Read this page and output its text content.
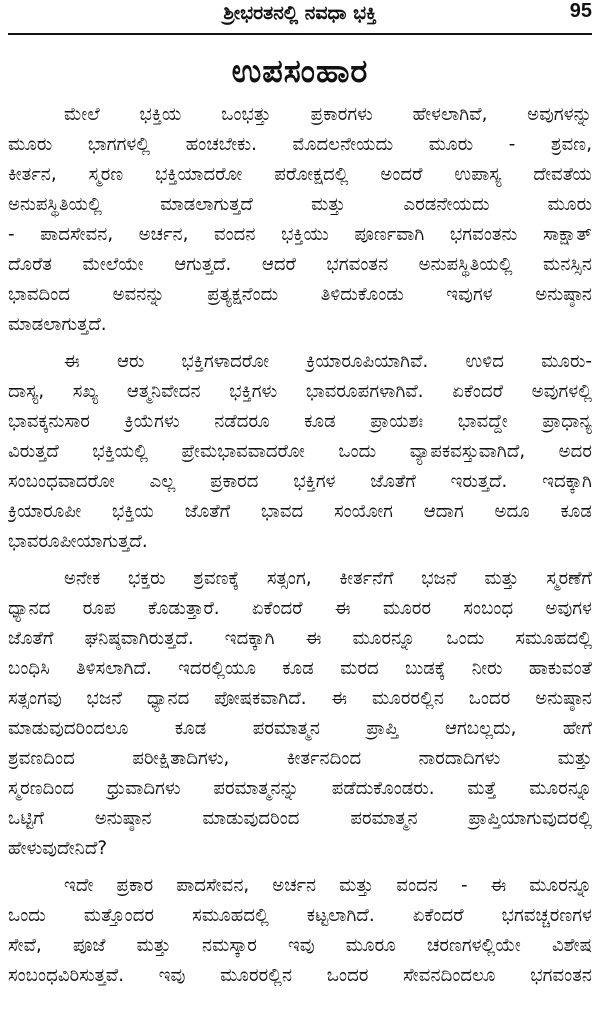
ಶ್ರೀಭರತನಲ್ಲಿ ನವಧಾ ಭಕ್ತಿ	95
ಉಪಸಂಹಾರ
ಮೇಲೆ ಭಕ್ತಿಯ ಒಂಭತ್ತು ಪ್ರಕಾರಗಳು ಹೇಳಲಾಗಿವೆ, ಅವುಗಳನ್ನು
ಮೂರು ಭಾಗಗಳಲ್ಲಿ ಹಂಚಬೇಕು. ಮೊದಲನೇಯದು ಮೂರು - ಶ್ರವಣ,
ಕೀರ್ತನ, ಸ್ಮರಣ ಭಕ್ತಿಯಾದರೋ ಪರೋಕ್ಷದಲ್ಲಿ ಅಂದರೆ ಉಪಾಸ್ಯ ದೇವತೆಯ
ಅನುಪಸ್ಥಿತಿಯಲ್ಲಿ ಮಾಡಲಾಗುತ್ತದೆ ಮತ್ತು ಎರಡನೇಯದು ಮೂರು
- ಪಾದಸೇವನ, ಅರ್ಚನ, ವಂದನ ಭಕ್ತಿಯು ಪೂರ್ಣವಾಗಿ ಭಗವಂತನು ಸಾಕ್ಷಾತ್
ದೊರೆತ ಮೇಲೆಯೇ ಆಗುತ್ತದೆ. ಆದರೆ ಭಗವಂತನ ಅನುಪಸ್ಥಿತಿಯಲ್ಲಿ ಮನಸ್ಸಿನ
ಭಾವದಿಂದ ಅವನನ್ನು ಪ್ರತ್ಯಕ್ಷನೆಂದು ತಿಳಿದುಕೊಂಡು ಇವುಗಳ ಅನುಷ್ಠಾನ
ಮಾಡಲಾಗುತ್ತದೆ.
ಈ ಆರು ಭಕ್ತಿಗಳಾದರೋ ಕ್ರಿಯಾರೂಪಿಯಾಗಿವೆ. ಉಳಿದ ಮೂರು-
ದಾಸ್ಯ, ಸಖ್ಯ ಆತ್ಮನಿವೇದನ ಭಕ್ತಿಗಳು ಭಾವರೂಪಗಳಾಗಿವೆ. ಏಕೆಂದರೆ ಅವುಗಳಲ್ಲಿ
ಭಾವಕ್ಕನುಸಾರ ಕ್ರಿಯೆಗಳು ನಡೆದರೂ ಕೂಡ ಪ್ರಾಯಶಃ ಭಾವದ್ದೇ ಪ್ರಾಧಾನ್ಯ
ವಿರುತ್ತದೆ ಭಕ್ತಿಯಲ್ಲಿ ಪ್ರೇಮಭಾವವಾದರೋ ಒಂದು ವ್ಯಾಪಕವಸ್ತುವಾಗಿದೆ, ಅದರ
ಸಂಬಂಧವಾದರೋ ಎಲ್ಲ ಪ್ರಕಾರದ ಭಕ್ತಿಗಳ ಜೊತೆಗೆ ಇರುತ್ತದೆ. ಇದಕ್ಕಾಗಿ
ಕ್ರಿಯಾರೂಪೀ ಭಕ್ತಿಯ ಜೊತೆಗೆ ಭಾವದ ಸಂಯೋಗ ಆದಾಗ ಅದೂ ಕೂಡ
ಭಾವರೂಪೀಯಾಗುತ್ತದೆ.
ಅನೇಕ ಭಕ್ತರು ಶ್ರವಣಕ್ಕೆ ಸತ್ಸಂಗ, ಕೀರ್ತನೆಗೆ ಭಜನೆ ಮತ್ತು ಸ್ಮರಣೆಗೆ
ಧ್ಯಾನದ ರೂಪ ಕೊಡುತ್ತಾರೆ. ಏಕೆಂದರೆ ಈ ಮೂರರ ಸಂಬಂಧ ಅವುಗಳ
ಜೊತೆಗೆ ಘನಿಷ್ಠವಾಗಿರುತ್ತದೆ. ಇದಕ್ಕಾಗಿ ಈ ಮೂರನ್ನೂ ಒಂದು ಸಮೂಹದಲ್ಲಿ
ಬಂಧಿಸಿ ತಿಳಿಸಲಾಗಿದೆ. ಇದರಲ್ಲಿಯೂ ಕೂಡ ಮರದ ಬುಡಕ್ಕೆ ನೀರು ಹಾಕುವಂತೆ
ಸತ್ಸಂಗವು ಭಜನೆ ಧ್ಯಾನದ ಪೋಷಕವಾಗಿದೆ. ಈ ಮೂರರಲ್ಲಿನ ಒಂದರ ಅನುಷ್ಠಾನ
ಮಾಡುವುದರಿಂದಲೂ ಕೂಡ ಪರಮಾತ್ಮನ ಪ್ರಾಪ್ತಿ ಆಗಬಲ್ಲದು, ಹೇಗೆ
ಶ್ರವಣದಿಂದ ಪರೀಕ್ಷಿತಾದಿಗಳು, ಕೀರ್ತನದಿಂದ ನಾರದಾದಿಗಳು ಮತ್ತು
ಸ್ಮರಣದಿಂದ ಧ್ರುವಾದಿಗಳು ಪರಮಾತ್ಮನನ್ನು ಪಡೆದುಕೊಂಡರು. ಮತ್ತೆ ಮೂರನ್ನೂ
ಒಟ್ಟಿಗೆ ಅನುಷ್ಠಾನ ಮಾಡುವುದರಿಂದ ಪರಮಾತ್ಮನ ಪ್ರಾಪ್ತಿಯಾಗುವುದರಲ್ಲಿ
ಹೇಳುವುದೇನಿದೆ?
ಇದೇ ಪ್ರಕಾರ ಪಾದಸೇವನ, ಅರ್ಚನ ಮತ್ತು ವಂದನ - ಈ ಮೂರನ್ನೂ
ಒಂದು ಮತ್ತೊಂದರ ಸಮೂಹದಲ್ಲಿ ಕಟ್ಟಲಾಗಿದೆ. ಏಕೆಂದರೆ ಭಗವಚ್ಚರಣಗಳ
ಸೇವೆ, ಪೂಜೆ ಮತ್ತು ನಮಸ್ಕಾರ ಇವು ಮೂರೂ ಚರಣಗಳಲ್ಲಿಯೇ ವಿಶೇಷ
ಸಂಬಂಧವಿರಿಸುತ್ತವೆ. ಇವು ಮೂರರಲ್ಲಿನ ಒಂದರ ಸೇವನದಿಂದಲೂ ಭಗವಂತನ
